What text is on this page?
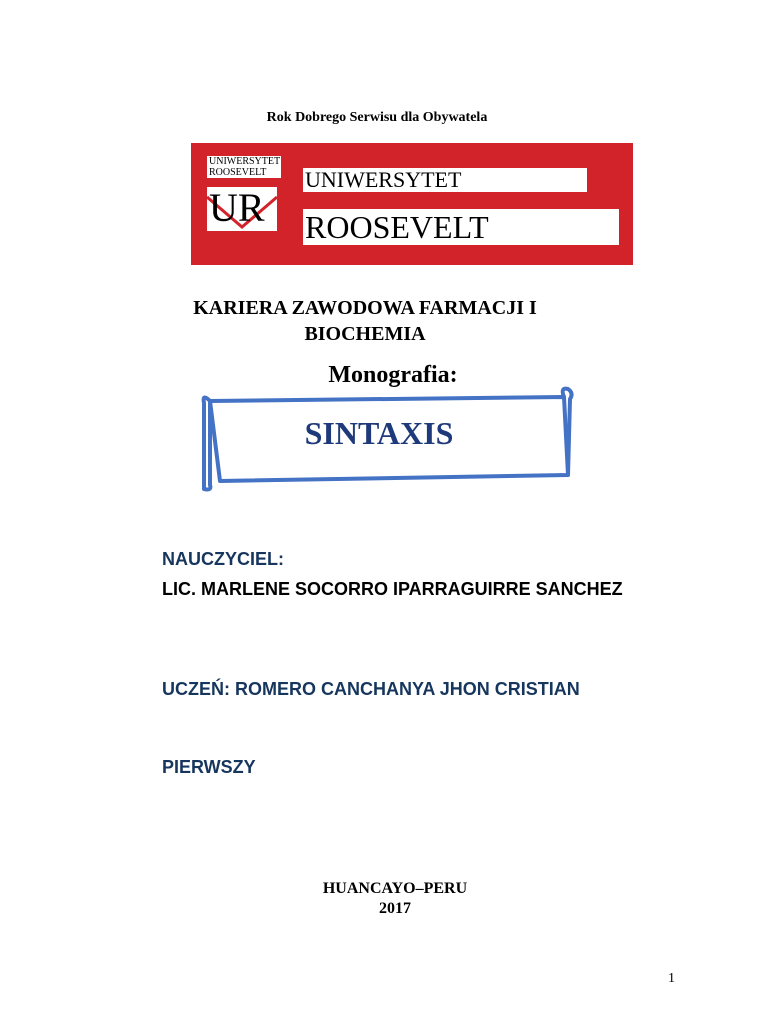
Rok Dobrego Serwisu dla Obywatela
UNIWERSYTET
ROOSEVELT
UR
UNIWERSYTET
ROOSEVELT
KARIERA ZAWODOWA FARMACJI I
BIOCHEMIA
Monografia:
SINTAXIS
NAUCZYCIEL:
LIC. MARLENE SOCORRO IPARRAGUIRRE SANCHEZ
UCZEŃ: ROMERO CANCHANYA JHON CRISTIAN
PIERWSZY
HUANCAYO–PERU
2017
1
